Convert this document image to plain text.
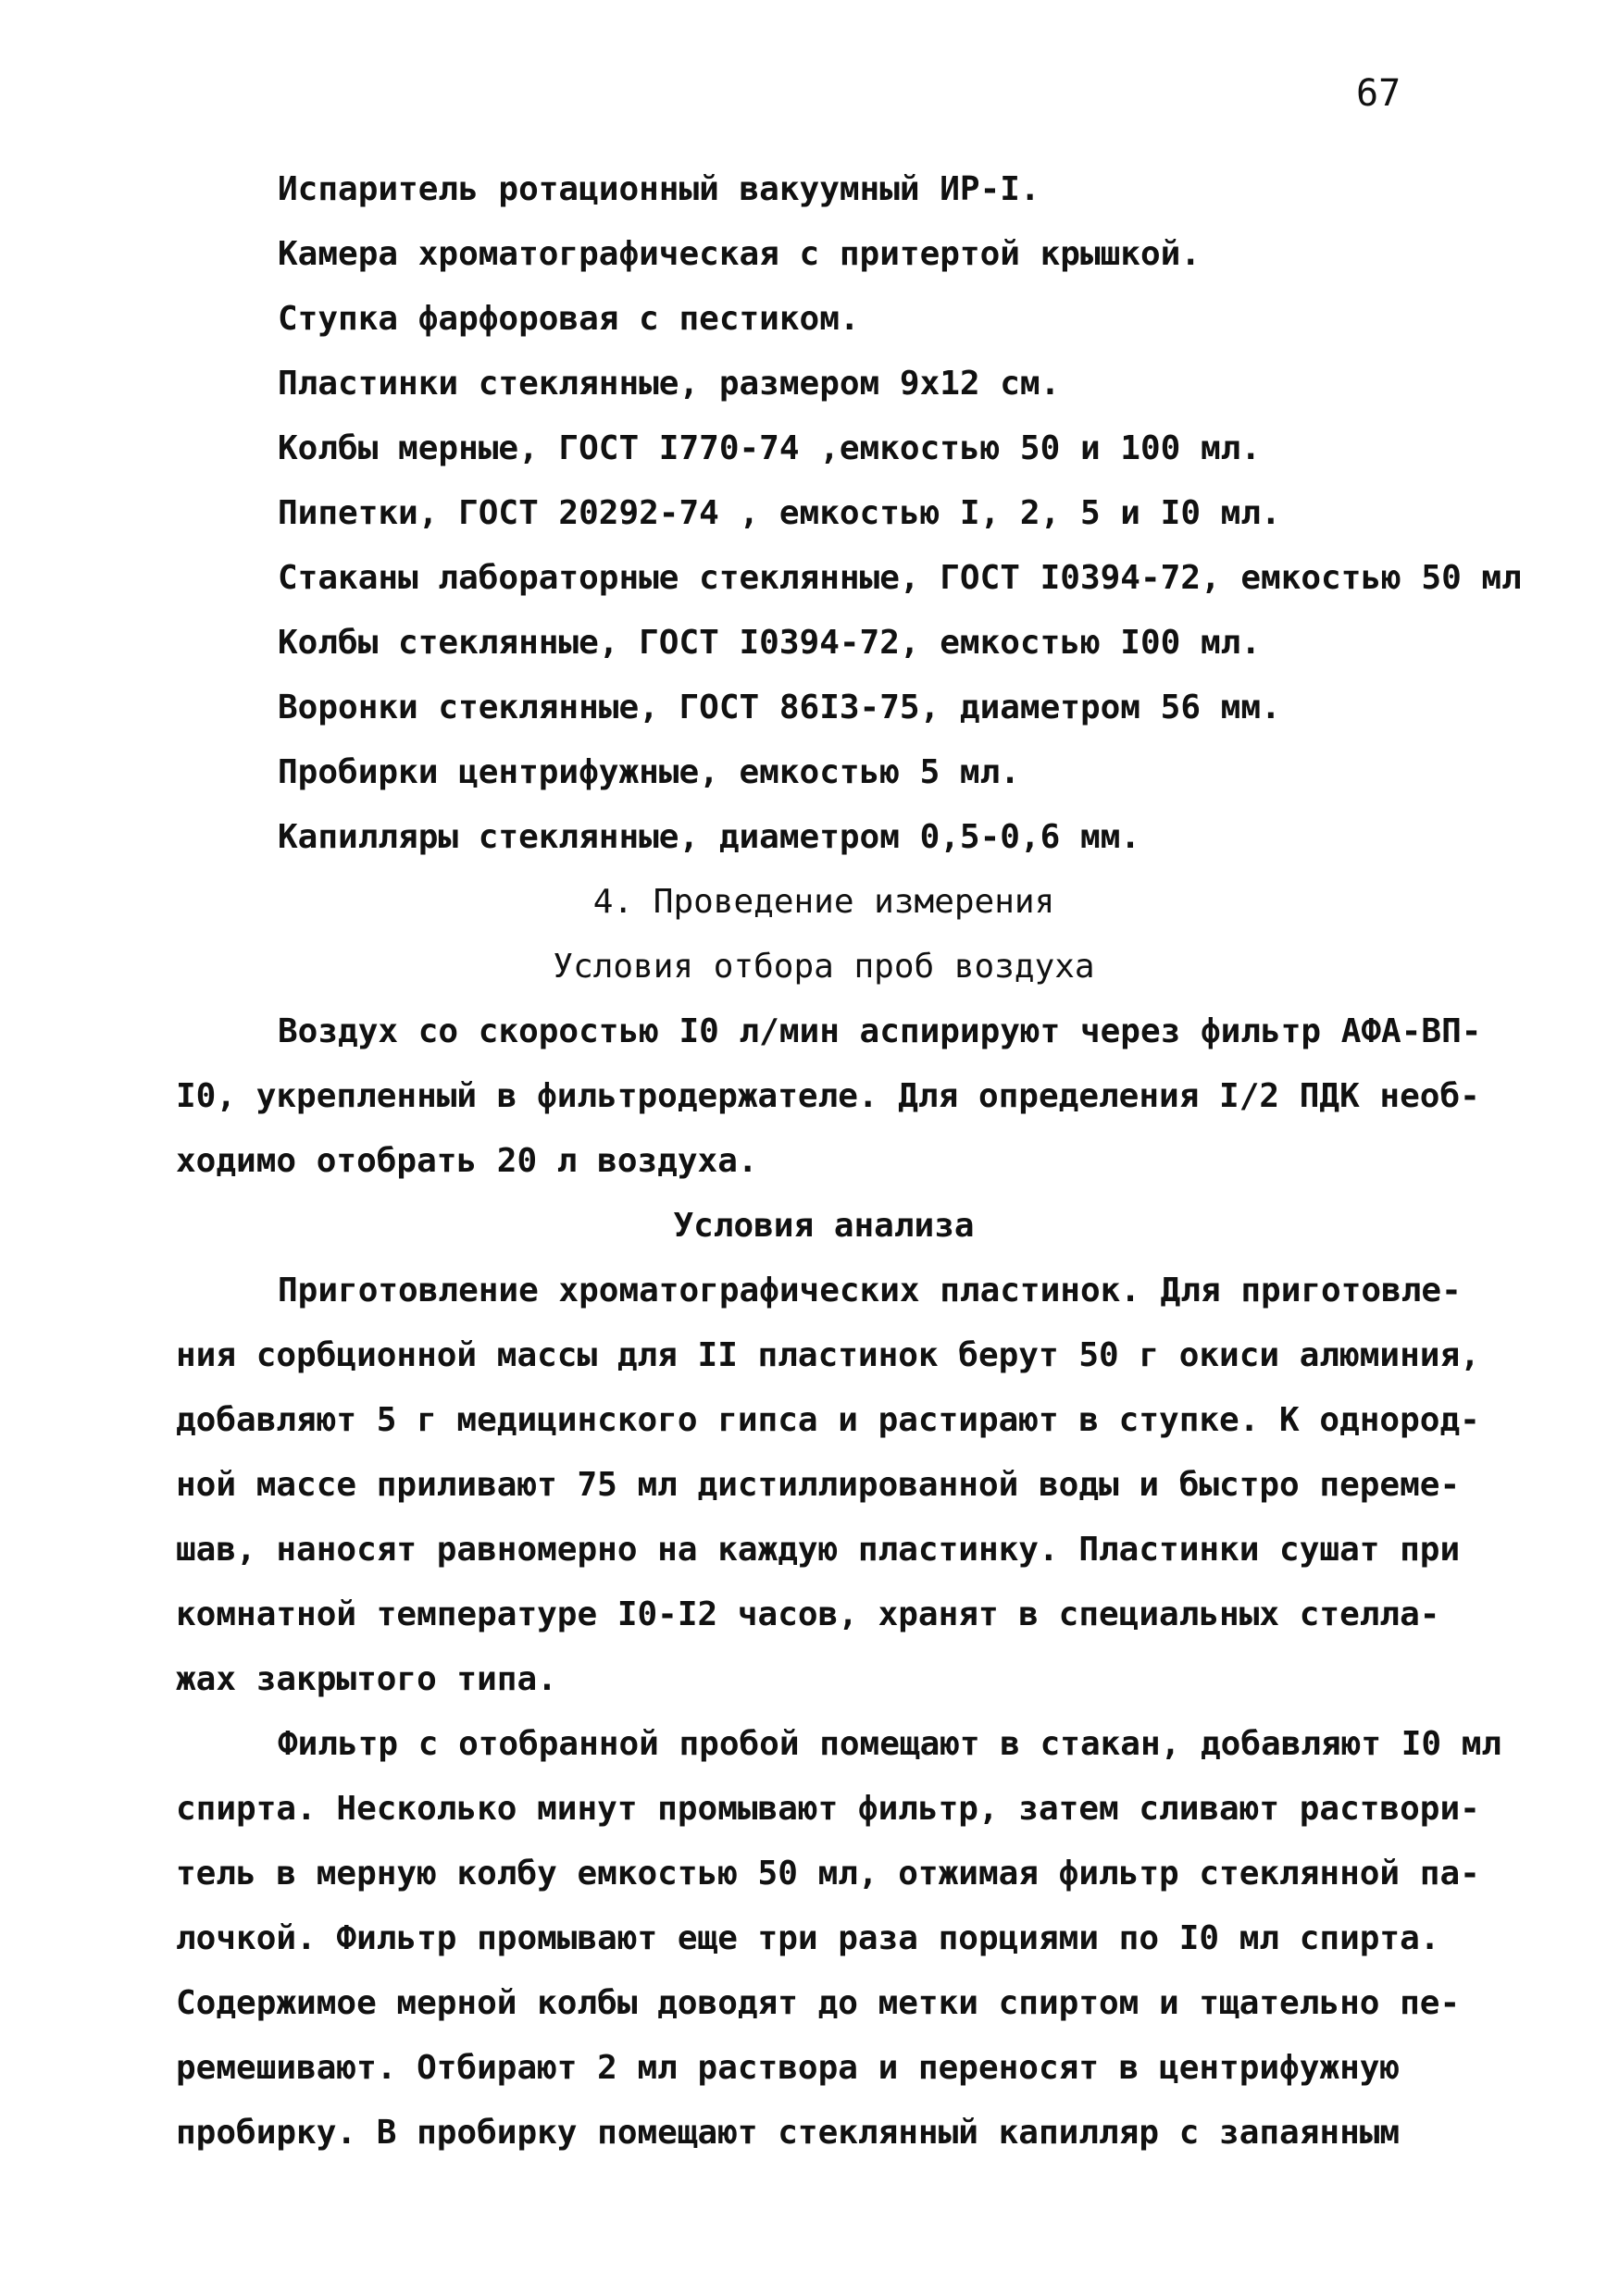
67
Испаритель ротационный вакуумный ИР-I.
Камера хроматографическая с притертой крышкой.
Ступка фарфоровая с пестиком.
Пластинки стеклянные, размером 9x12 см.
Колбы мерные, ГОСТ I770-74 ,емкостью 50 и 100 мл.
Пипетки, ГОСТ 20292-74 , емкостью I, 2, 5 и I0 мл.
Стаканы лабораторные стеклянные, ГОСТ I0394-72, емкостью 50 мл
Колбы стеклянные, ГОСТ I0394-72, емкостью I00 мл.
Воронки стеклянные, ГОСТ 86I3-75, диаметром 56 мм.
Пробирки центрифужные, емкостью 5 мл.
Капилляры стеклянные, диаметром 0,5-0,6 мм.
4. Проведение измерения
Условия отбора проб воздуха
Воздух со скоростью I0 л/мин аспирируют через фильтр АФА-ВП-
I0, укрепленный в фильтродержателе. Для определения I/2 ПДК необ-
ходимо отобрать 20 л воздуха.
Условия анализа
Приготовление хроматографических пластинок. Для приготовле-
ния сорбционной массы для II пластинок берут 50 г окиси алюминия,
добавляют 5 г медицинского гипса и растирают в ступке. К однород-
ной массе приливают 75 мл дистиллированной воды и быстро переме-
шав, наносят равномерно на каждую пластинку. Пластинки сушат при
комнатной температуре I0-I2 часов, хранят в специальных стелла-
жах закрытого типа.
Фильтр с отобранной пробой помещают в стакан, добавляют I0 мл
спирта. Несколько минут промывают фильтр, затем сливают раствори-
тель в мерную колбу емкостью 50 мл, отжимая фильтр стеклянной па-
лочкой. Фильтр промывают еще три раза порциями по I0 мл спирта.
Содержимое мерной колбы доводят до метки спиртом и тщательно пе-
ремешивают. Отбирают 2 мл раствора и переносят в центрифужную
пробирку. В пробирку помещают стеклянный капилляр с запаянным
